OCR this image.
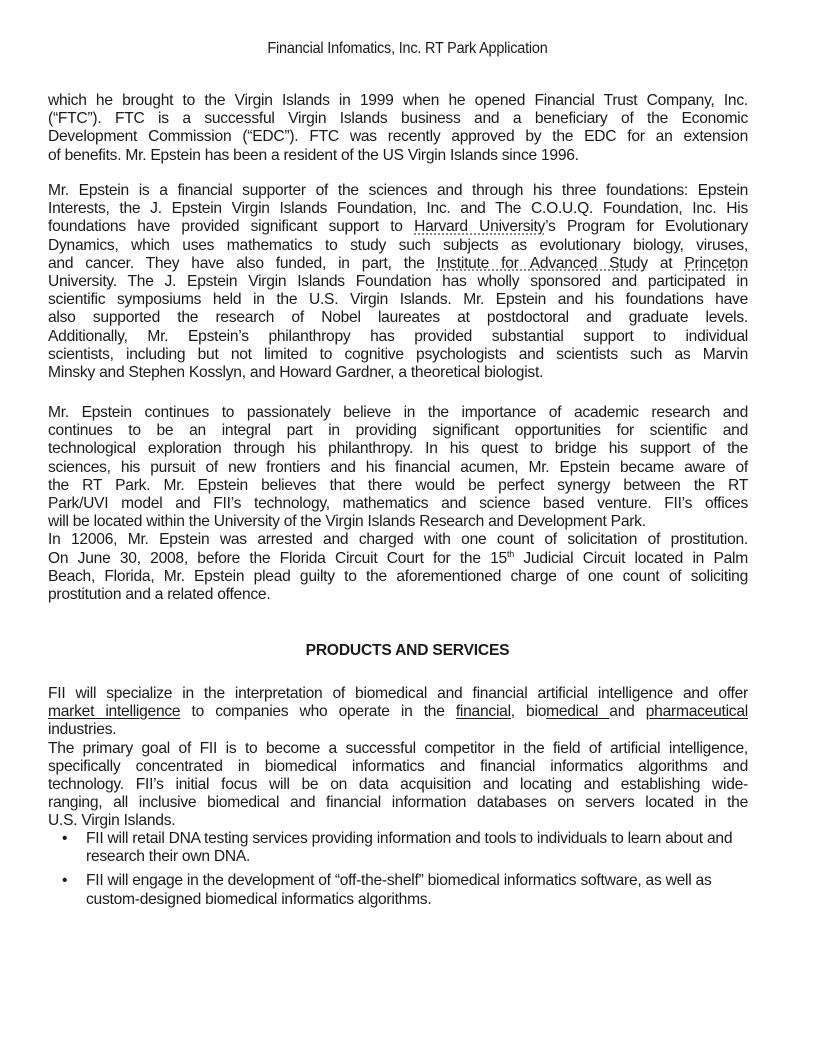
Financial Infomatics, Inc. RT Park Application
which he brought to the Virgin Islands in 1999 when he opened Financial Trust Company, Inc.
(“FTC”). FTC is a successful Virgin Islands business and a beneficiary of the Economic
Development Commission (“EDC”). FTC was recently approved by the EDC for an extension
of benefits. Mr. Epstein has been a resident of the US Virgin Islands since 1996.
Mr. Epstein is a financial supporter of the sciences and through his three foundations: Epstein
Interests, the J. Epstein Virgin Islands Foundation, Inc. and The C.O.U.Q. Foundation, Inc. His
foundations have provided significant support to Harvard University’s Program for Evolutionary
Dynamics, which uses mathematics to study such subjects as evolutionary biology, viruses,
and cancer. They have also funded, in part, the Institute for Advanced Study at Princeton
University. The J. Epstein Virgin Islands Foundation has wholly sponsored and participated in
scientific symposiums held in the U.S. Virgin Islands. Mr. Epstein and his foundations have
also supported the research of Nobel laureates at postdoctoral and graduate levels.
Additionally, Mr. Epstein’s philanthropy has provided substantial support to individual
scientists, including but not limited to cognitive psychologists and scientists such as Marvin
Minsky and Stephen Kosslyn, and Howard Gardner, a theoretical biologist.
Mr. Epstein continues to passionately believe in the importance of academic research and
continues to be an integral part in providing significant opportunities for scientific and
technological exploration through his philanthropy. In his quest to bridge his support of the
sciences, his pursuit of new frontiers and his financial acumen, Mr. Epstein became aware of
the RT Park. Mr. Epstein believes that there would be perfect synergy between the RT
Park/UVI model and FII’s technology, mathematics and science based venture. FII’s offices
will be located within the University of the Virgin Islands Research and Development Park.
In 12006, Mr. Epstein was arrested and charged with one count of solicitation of prostitution.
On June 30, 2008, before the Florida Circuit Court for the 15th Judicial Circuit located in Palm
Beach, Florida, Mr. Epstein plead guilty to the aforementioned charge of one count of soliciting
prostitution and a related offence.
PRODUCTS AND SERVICES
FII will specialize in the interpretation of biomedical and financial artificial intelligence and offer
market intelligence to companies who operate in the financial, biomedical and pharmaceutical
industries.
The primary goal of FII is to become a successful competitor in the field of artificial intelligence,
specifically concentrated in biomedical informatics and financial informatics algorithms and
technology. FII’s initial focus will be on data acquisition and locating and establishing wide-
ranging, all inclusive biomedical and financial information databases on servers located in the
U.S. Virgin Islands.
• FII will retail DNA testing services providing information and tools to individuals to learn about and research their own DNA.
• FII will engage in the development of “off-the-shelf” biomedical informatics software, as well as custom-designed biomedical informatics algorithms.
